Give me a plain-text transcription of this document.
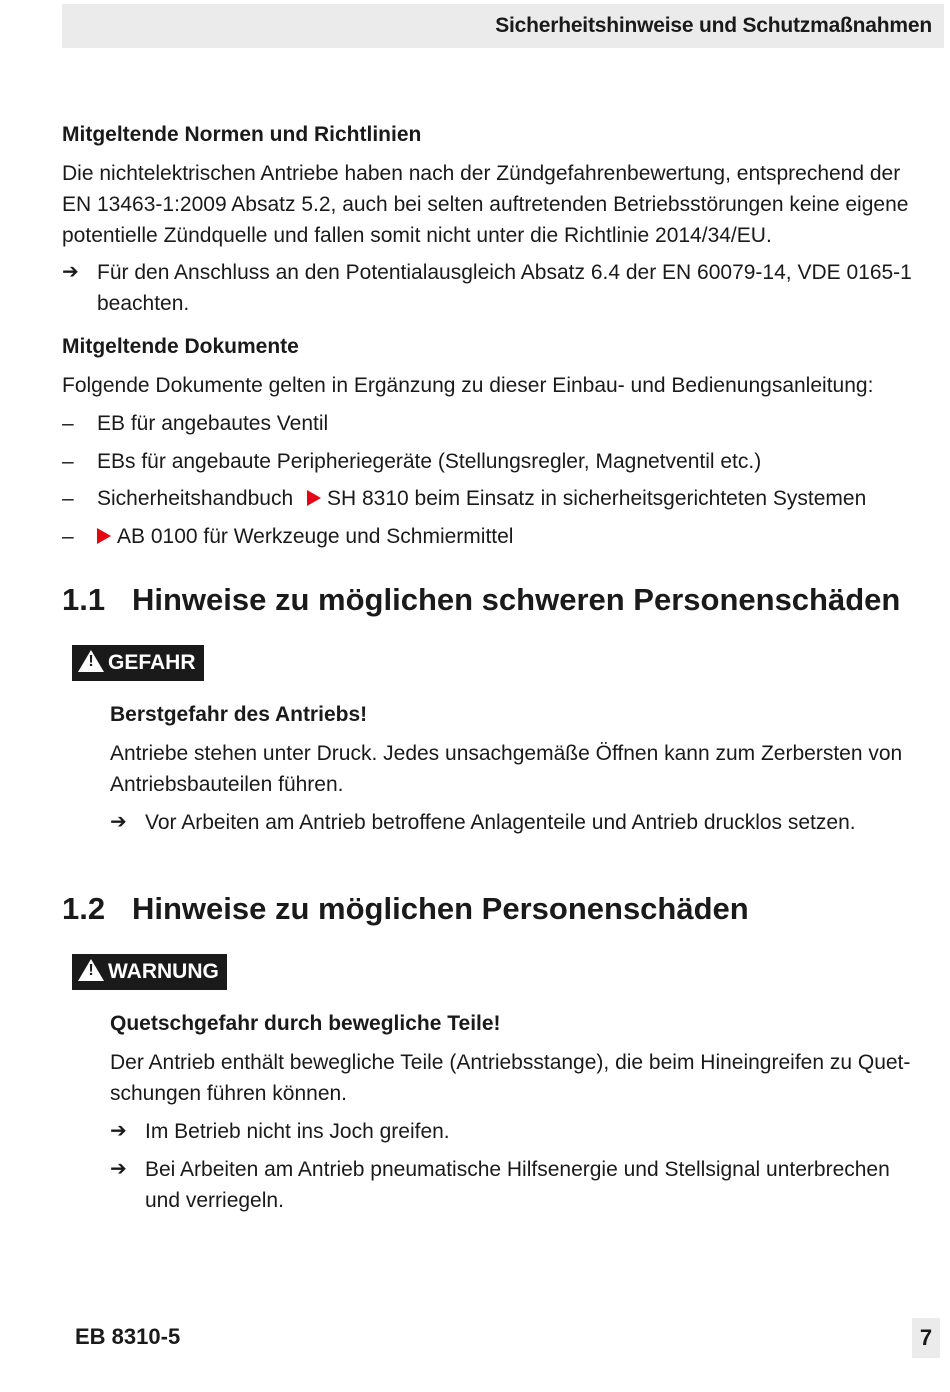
Sicherheitshinweise und Schutzmaßnahmen
Mitgeltende Normen und Richtlinien
Die nichtelektrischen Antriebe haben nach der Zündgefahrenbewertung, entsprechend der
EN 13463-1:2009 Absatz 5.2, auch bei selten auftretenden Betriebsstörungen keine eigene
potentielle Zündquelle und fallen somit nicht unter die Richtlinie 2014/34/EU.
➔ Für den Anschluss an den Potentialausgleich Absatz 6.4 der EN 60079-14, VDE 0165-1
beachten.
Mitgeltende Dokumente
Folgende Dokumente gelten in Ergänzung zu dieser Einbau- und Bedienungsanleitung:
–	EB für angebautes Ventil
–	EBs für angebaute Peripheriegeräte (Stellungsregler, Magnetventil etc.)
–	Sicherheitshandbuch SH 8310 beim Einsatz in sicherheitsgerichteten Systemen
–	AB 0100 für Werkzeuge und Schmiermittel
1.1 Hinweise zu möglichen schweren Personenschäden
!GEFAHR
Berstgefahr des Antriebs!
Antriebe stehen unter Druck. Jedes unsachgemäße Öffnen kann zum Zerbersten von
Antriebsbauteilen führen.
➔ Vor Arbeiten am Antrieb betroffene Anlagenteile und Antrieb drucklos setzen.
1.2 Hinweise zu möglichen Personenschäden
!WARNUNG
Quetschgefahr durch bewegliche Teile!
Der Antrieb enthält bewegliche Teile (Antriebsstange), die beim Hineingreifen zu Quet-
schungen führen können.
➔ Im Betrieb nicht ins Joch greifen.
➔ Bei Arbeiten am Antrieb pneumatische Hilfsenergie und Stellsignal unterbrechen
und verriegeln.
EB 8310-5	7
